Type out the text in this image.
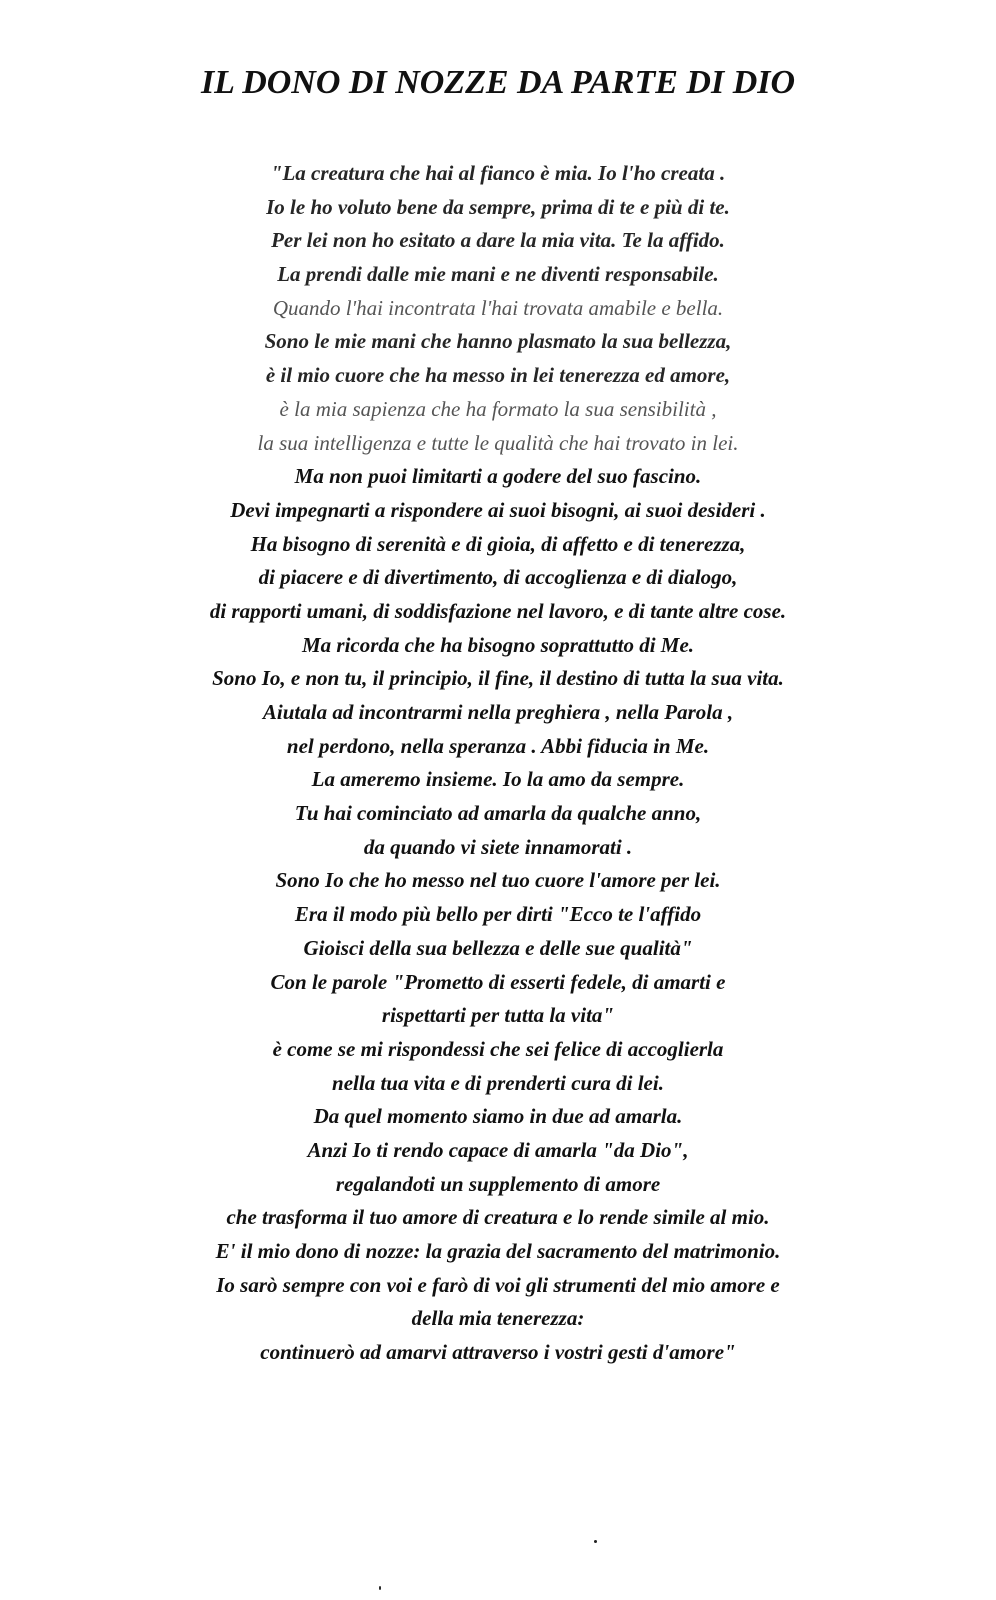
IL DONO DI NOZZE DA PARTE DI DIO
"La creatura che hai al fianco è mia. Io l'ho creata .
Io le ho voluto bene da sempre, prima di te e più di te.
Per lei non ho esitato a dare la mia vita. Te la affido.
La prendi dalle mie mani e ne diventi responsabile.
Quando l'hai incontrata l'hai trovata amabile e bella.
Sono le mie mani che hanno plasmato la sua bellezza,
è il mio cuore che ha messo in lei tenerezza ed amore,
è la mia sapienza che ha formato la sua sensibilità ,
la sua intelligenza e tutte le qualità che hai trovato in lei.
Ma non puoi limitarti a godere del suo fascino.
Devi impegnarti a rispondere ai suoi bisogni, ai suoi desideri .
Ha bisogno di serenità e di gioia, di affetto e di tenerezza,
di piacere e di divertimento, di accoglienza e di dialogo,
di rapporti umani, di soddisfazione nel lavoro, e di tante altre cose.
Ma ricorda che ha bisogno soprattutto di Me.
Sono Io, e non tu, il principio, il fine, il destino di tutta la sua vita.
Aiutala ad incontrarmi nella preghiera , nella Parola ,
nel perdono, nella speranza . Abbi fiducia in Me.
La ameremo insieme. Io la amo da sempre.
Tu hai cominciato ad amarla da qualche anno,
da quando vi siete innamorati .
Sono Io che ho messo nel tuo cuore l'amore per lei.
Era il modo più bello per dirti "Ecco te l'affido
Gioisci della sua bellezza e delle sue qualità"
Con le parole "Prometto di esserti fedele, di amarti e
rispettarti per tutta la vita"
è come se mi rispondessi che sei felice di accoglierla
nella tua vita e di prenderti cura di lei.
Da quel momento siamo in due ad amarla.
Anzi Io ti rendo capace di amarla "da Dio",
regalandoti un supplemento di amore
che trasforma il tuo amore di creatura e lo rende simile al mio.
E' il mio dono di nozze: la grazia del sacramento del matrimonio.
Io sarò sempre con voi e farò di voi gli strumenti del mio amore e
della mia tenerezza:
continuerò ad amarvi attraverso i vostri gesti d'amore"
